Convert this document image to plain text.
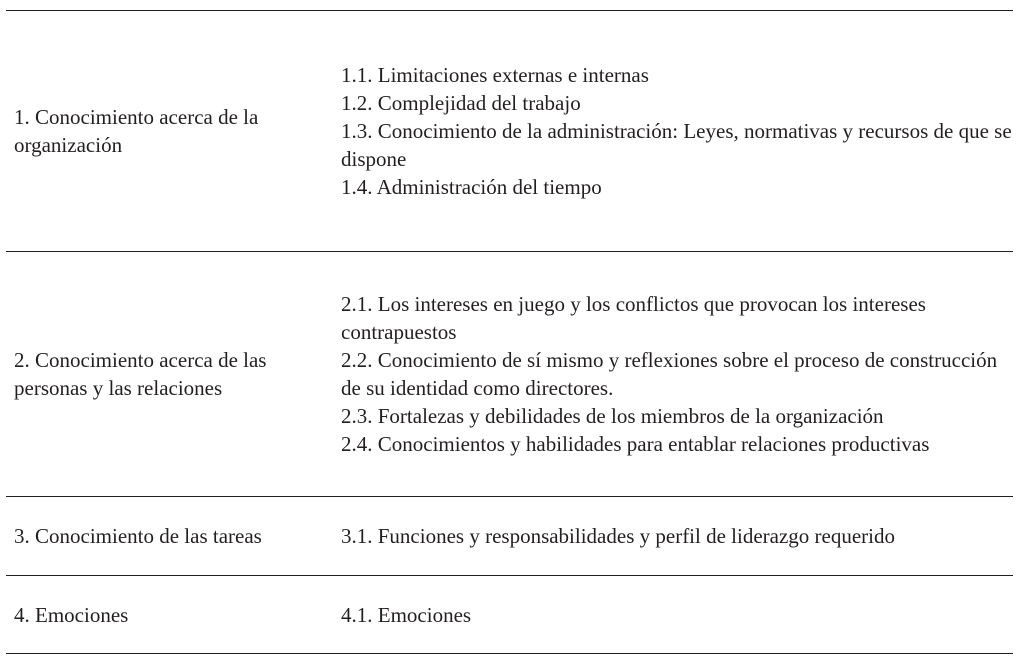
1. Conocimiento acerca de la organización
1.1. Limitaciones externas e internas
1.2. Complejidad del trabajo
1.3. Conocimiento de la administración: Leyes, normativas y recursos de que se dispone
1.4. Administración del tiempo
2. Conocimiento acerca de las personas y las relaciones
2.1. Los intereses en juego y los conflictos que provocan los intereses contrapuestos
2.2. Conocimiento de sí mismo y reflexiones sobre el proceso de construcción de su identidad como directores.
2.3. Fortalezas y debilidades de los miembros de la organización
2.4. Conocimientos y habilidades para entablar relaciones productivas
3. Conocimiento de las tareas	3.1. Funciones y responsabilidades y perfil de liderazgo requerido
4. Emociones	4.1. Emociones
